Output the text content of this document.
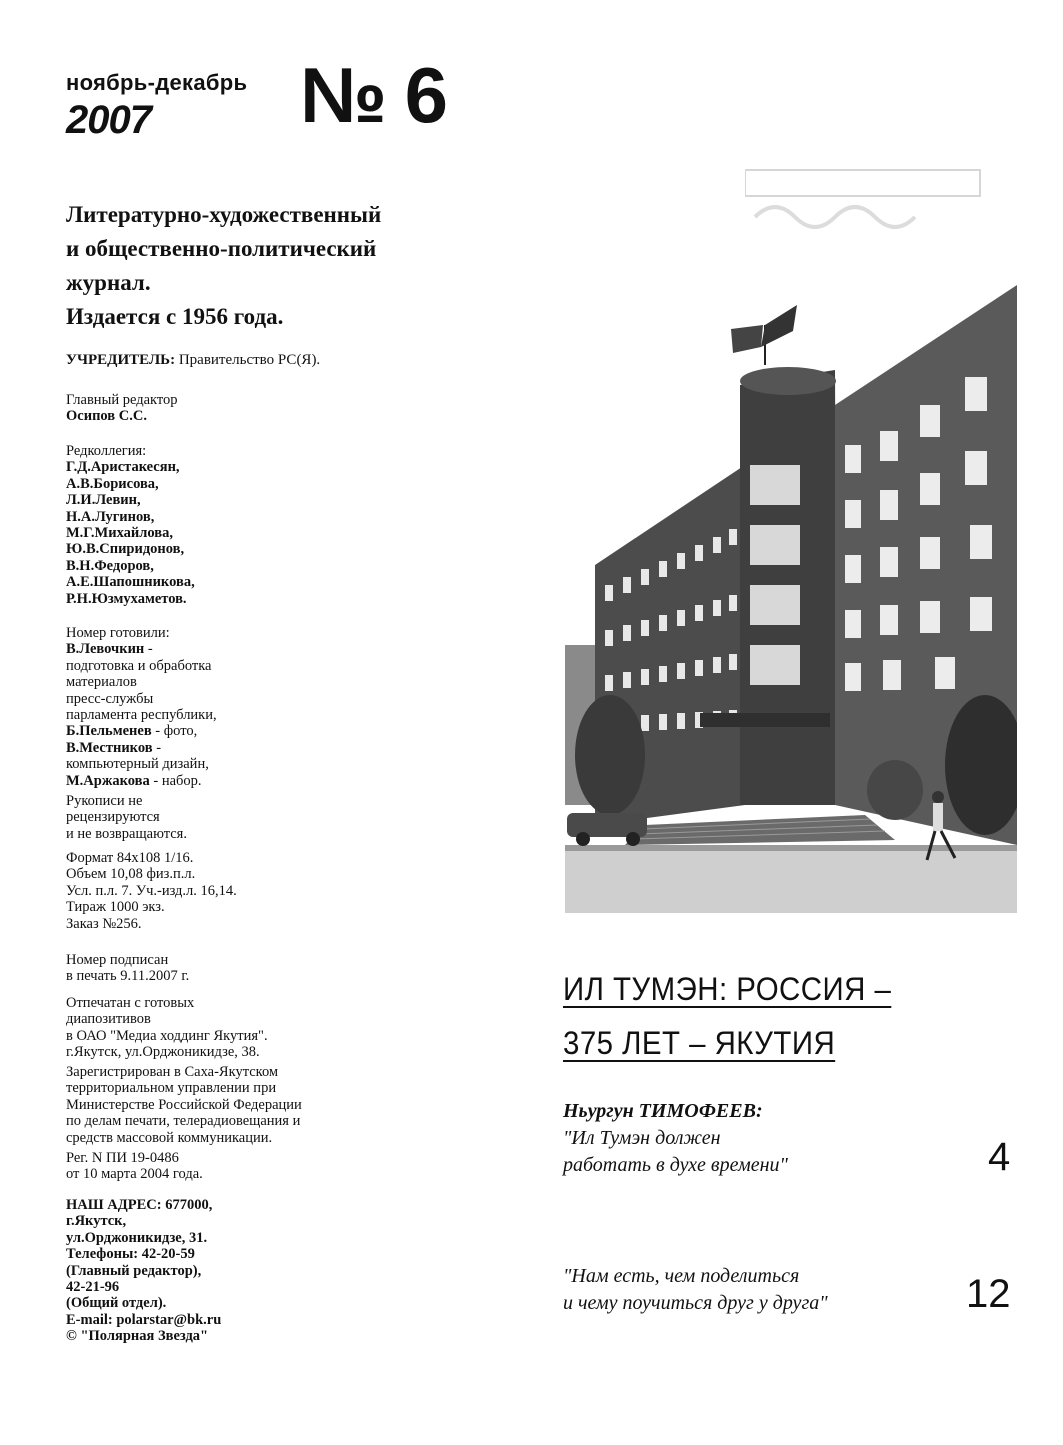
ноябрь-декабрь
2007 № 6
Литературно-художественный
и общественно-политический
журнал.
Издается с 1956 года.
УЧРЕДИТЕЛЬ: Правительство РС(Я).
Главный редактор
Осипов С.С.
Редколлегия:
Г.Д.Аристакесян,
А.В.Борисова,
Л.И.Левин,
Н.А.Лугинов,
М.Г.Михайлова,
Ю.В.Спиридонов,
В.Н.Федоров,
А.Е.Шапошникова,
Р.Н.Юзмухаметов.
Номер готовили:
В.Левочкин -
подготовка и обработка
материалов
пресс-службы
парламента республики,
Б.Пельменев - фото,
В.Местников -
компьютерный дизайн,
М.Аржакова - набор.
Рукописи не
рецензируются
и не возвращаются.
Формат 84х108 1/16.
Объем 10,08 физ.п.л.
Усл. п.л. 7. Уч.-изд.л. 16,14.
Тираж 1000 экз.
Заказ №256.
Номер подписан
в печать 9.11.2007 г.
Отпечатан с готовых
диапозитивов
в ОАО "Медиа ходдинг Якутия".
г.Якутск, ул.Орджоникидзе, 38.
Зарегистрирован в Саха-Якутском
территориальном управлении при
Министерстве Российской Федерации
по делам печати, телерадиовещания и
средств массовой коммуникации.
Рег. N ПИ 19-0486
от 10 марта 2004 года.
НАШ АДРЕС: 677000,
г.Якутск,
ул.Орджоникидзе, 31.
Телефоны: 42-20-59
(Главный редактор),
42-21-96
(Общий отдел).
E-mail: polarstar@bk.ru
© "Полярная Звезда"
ИЛ ТУМЭН: РОССИЯ –
375 ЛЕТ – ЯКУТИЯ
Ньургун ТИМОФЕЕВ:
"Ил Тумэн должен
работать в духе времени"	4
"Нам есть, чем поделиться
и чему поучиться друг у друга"	12
